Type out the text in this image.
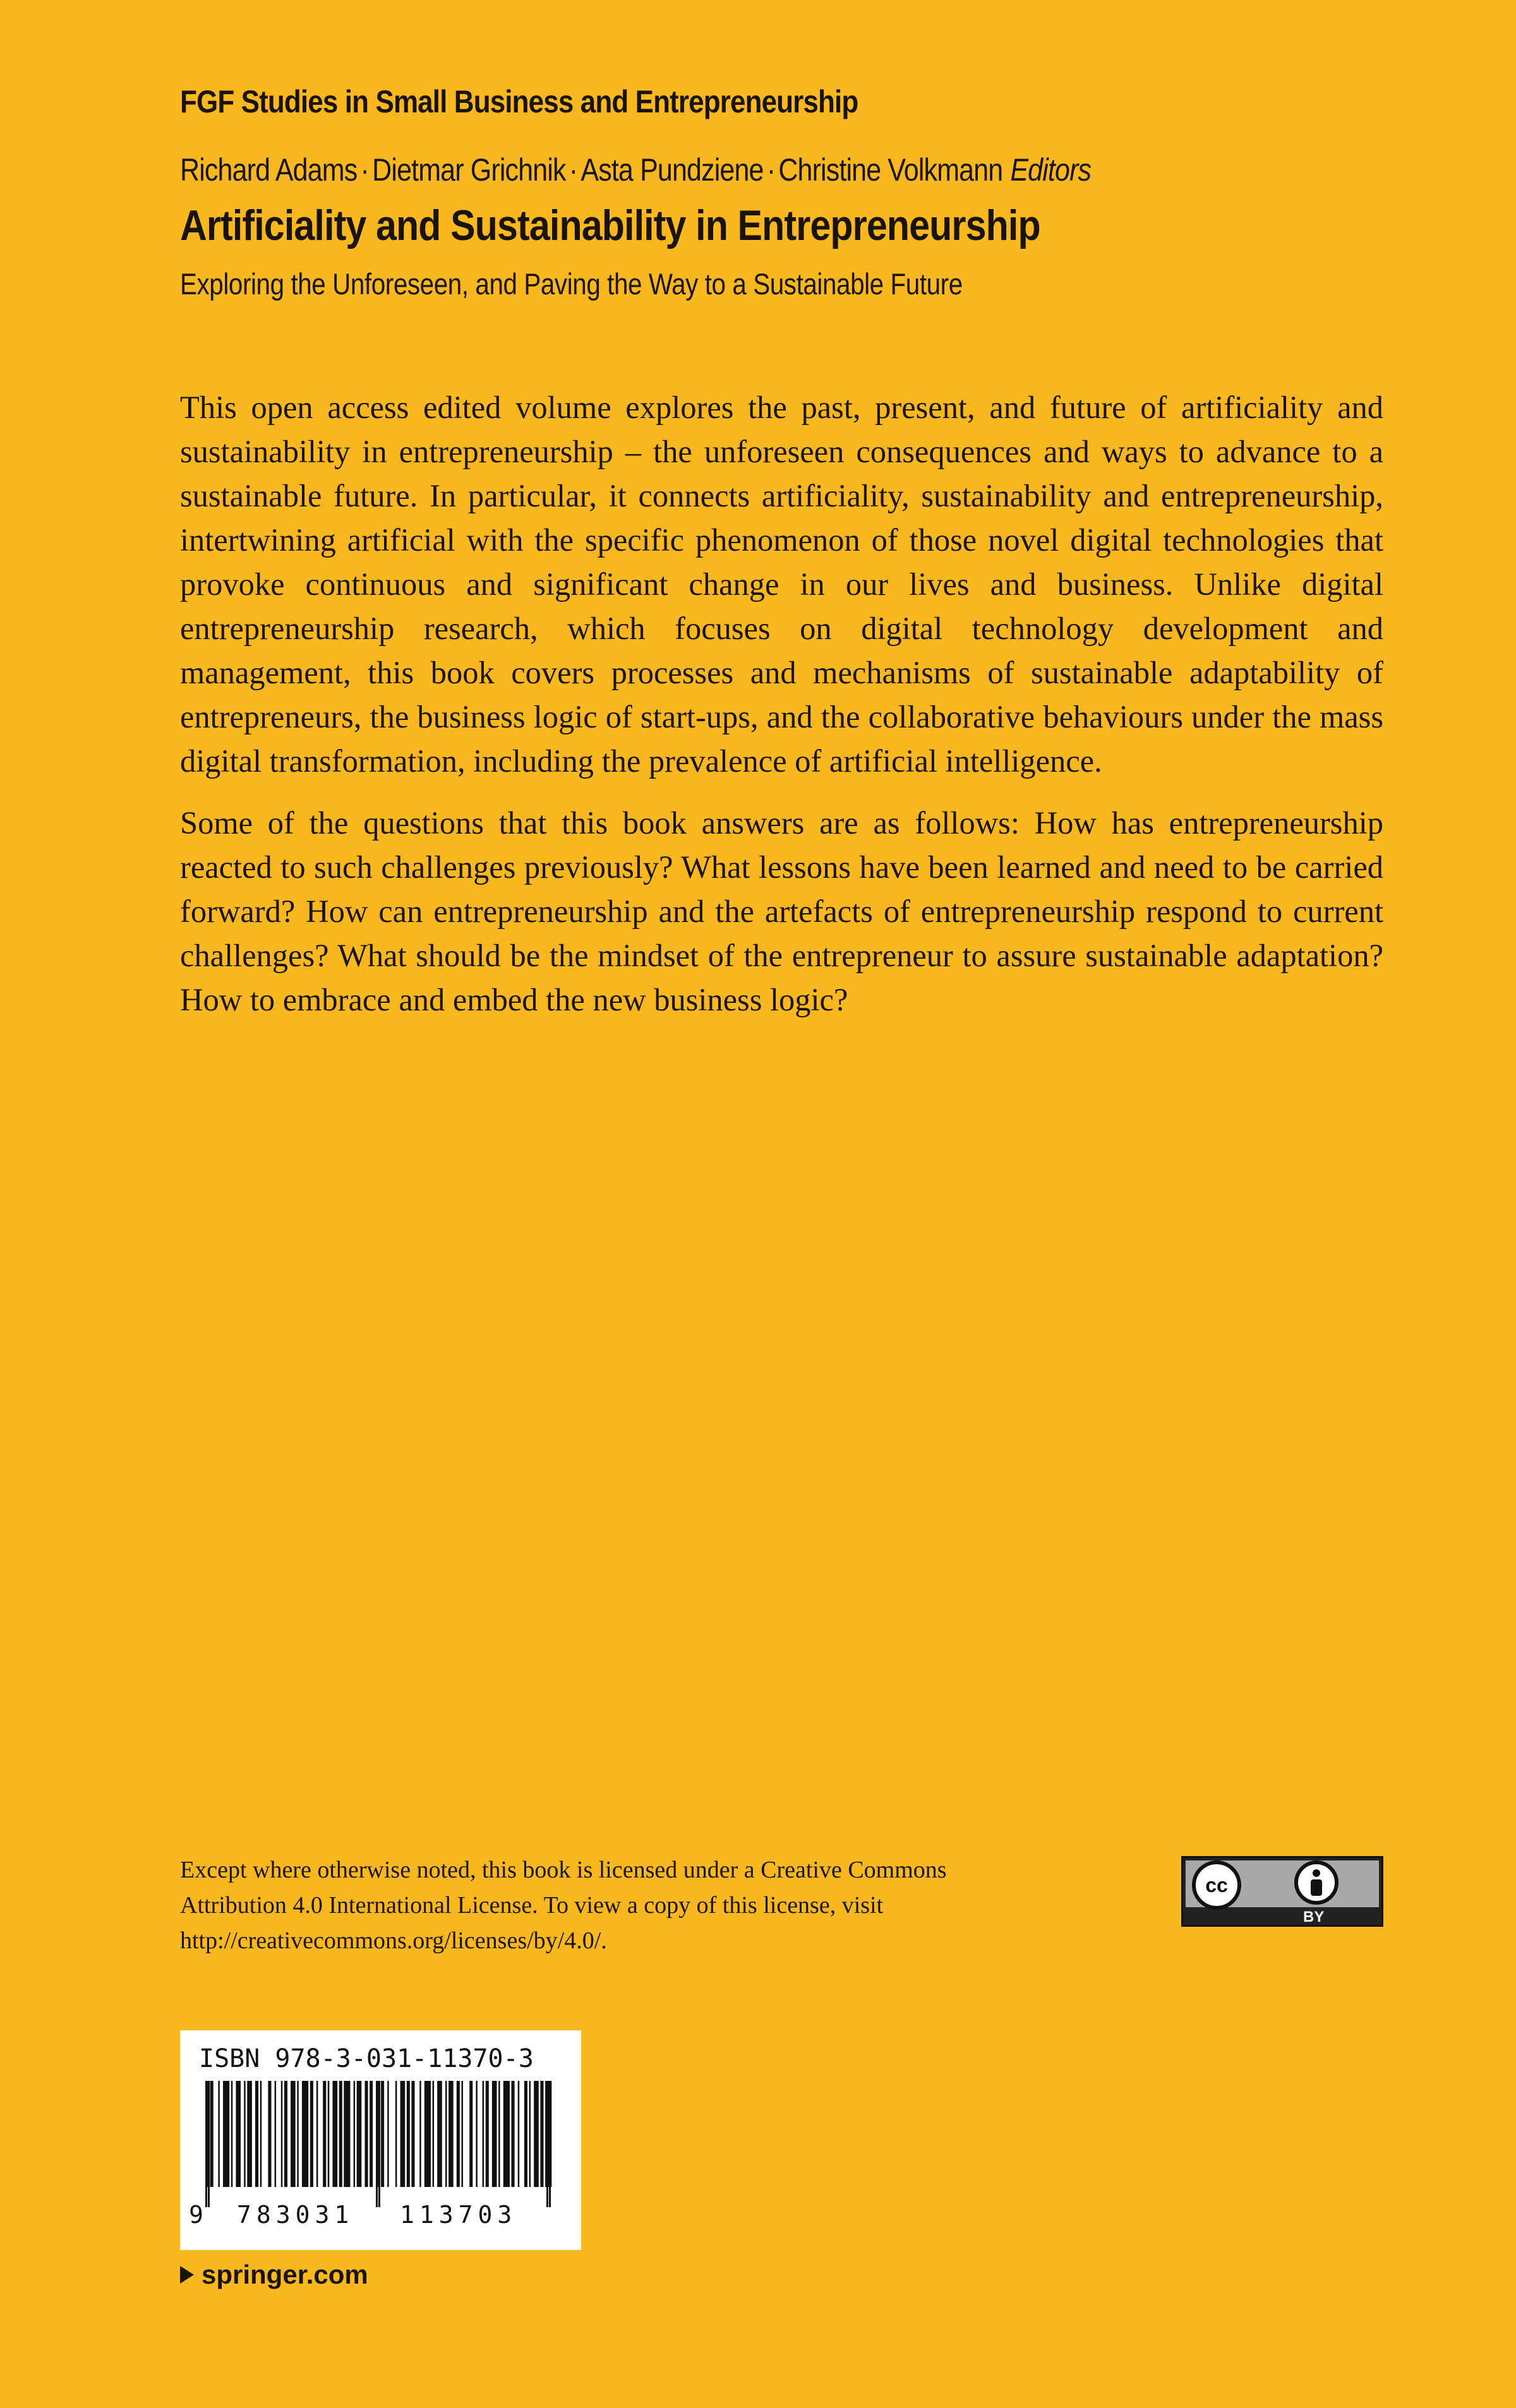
FGF Studies in Small Business and Entrepreneurship
Richard Adams · Dietmar Grichnik · Asta Pundziene · Christine Volkmann Editors
Artificiality and Sustainability in Entrepreneurship
Exploring the Unforeseen, and Paving the Way to a Sustainable Future

This open access edited volume explores the past, present, and future of artificiality and sustainability in entrepreneurship – the unforeseen consequences and ways to advance to a sustainable future. In particular, it connects artificiality, sustainability and entrepreneurship, intertwining artificial with the specific phenomenon of those novel digital technologies that provoke continuous and significant change in our lives and business. Unlike digital entrepreneurship research, which focuses on digital technology development and management, this book covers processes and mechanisms of sustainable adaptability of entrepreneurs, the business logic of start-ups, and the collaborative behaviours under the mass digital transformation, including the prevalence of artificial intelligence.

Some of the questions that this book answers are as follows: How has entrepreneurship reacted to such challenges previously? What lessons have been learned and need to be carried forward? How can entrepreneurship and the artefacts of entrepreneurship respond to current challenges? What should be the mindset of the entrepreneur to assure sustainable adaptation? How to embrace and embed the new business logic?

Except where otherwise noted, this book is licensed under a Creative Commons Attribution 4.0 International License. To view a copy of this license, visit http://creativecommons.org/licenses/by/4.0/.
cc
BY
ISBN 978-3-031-11370-3
9 783031 113703
springer.com
